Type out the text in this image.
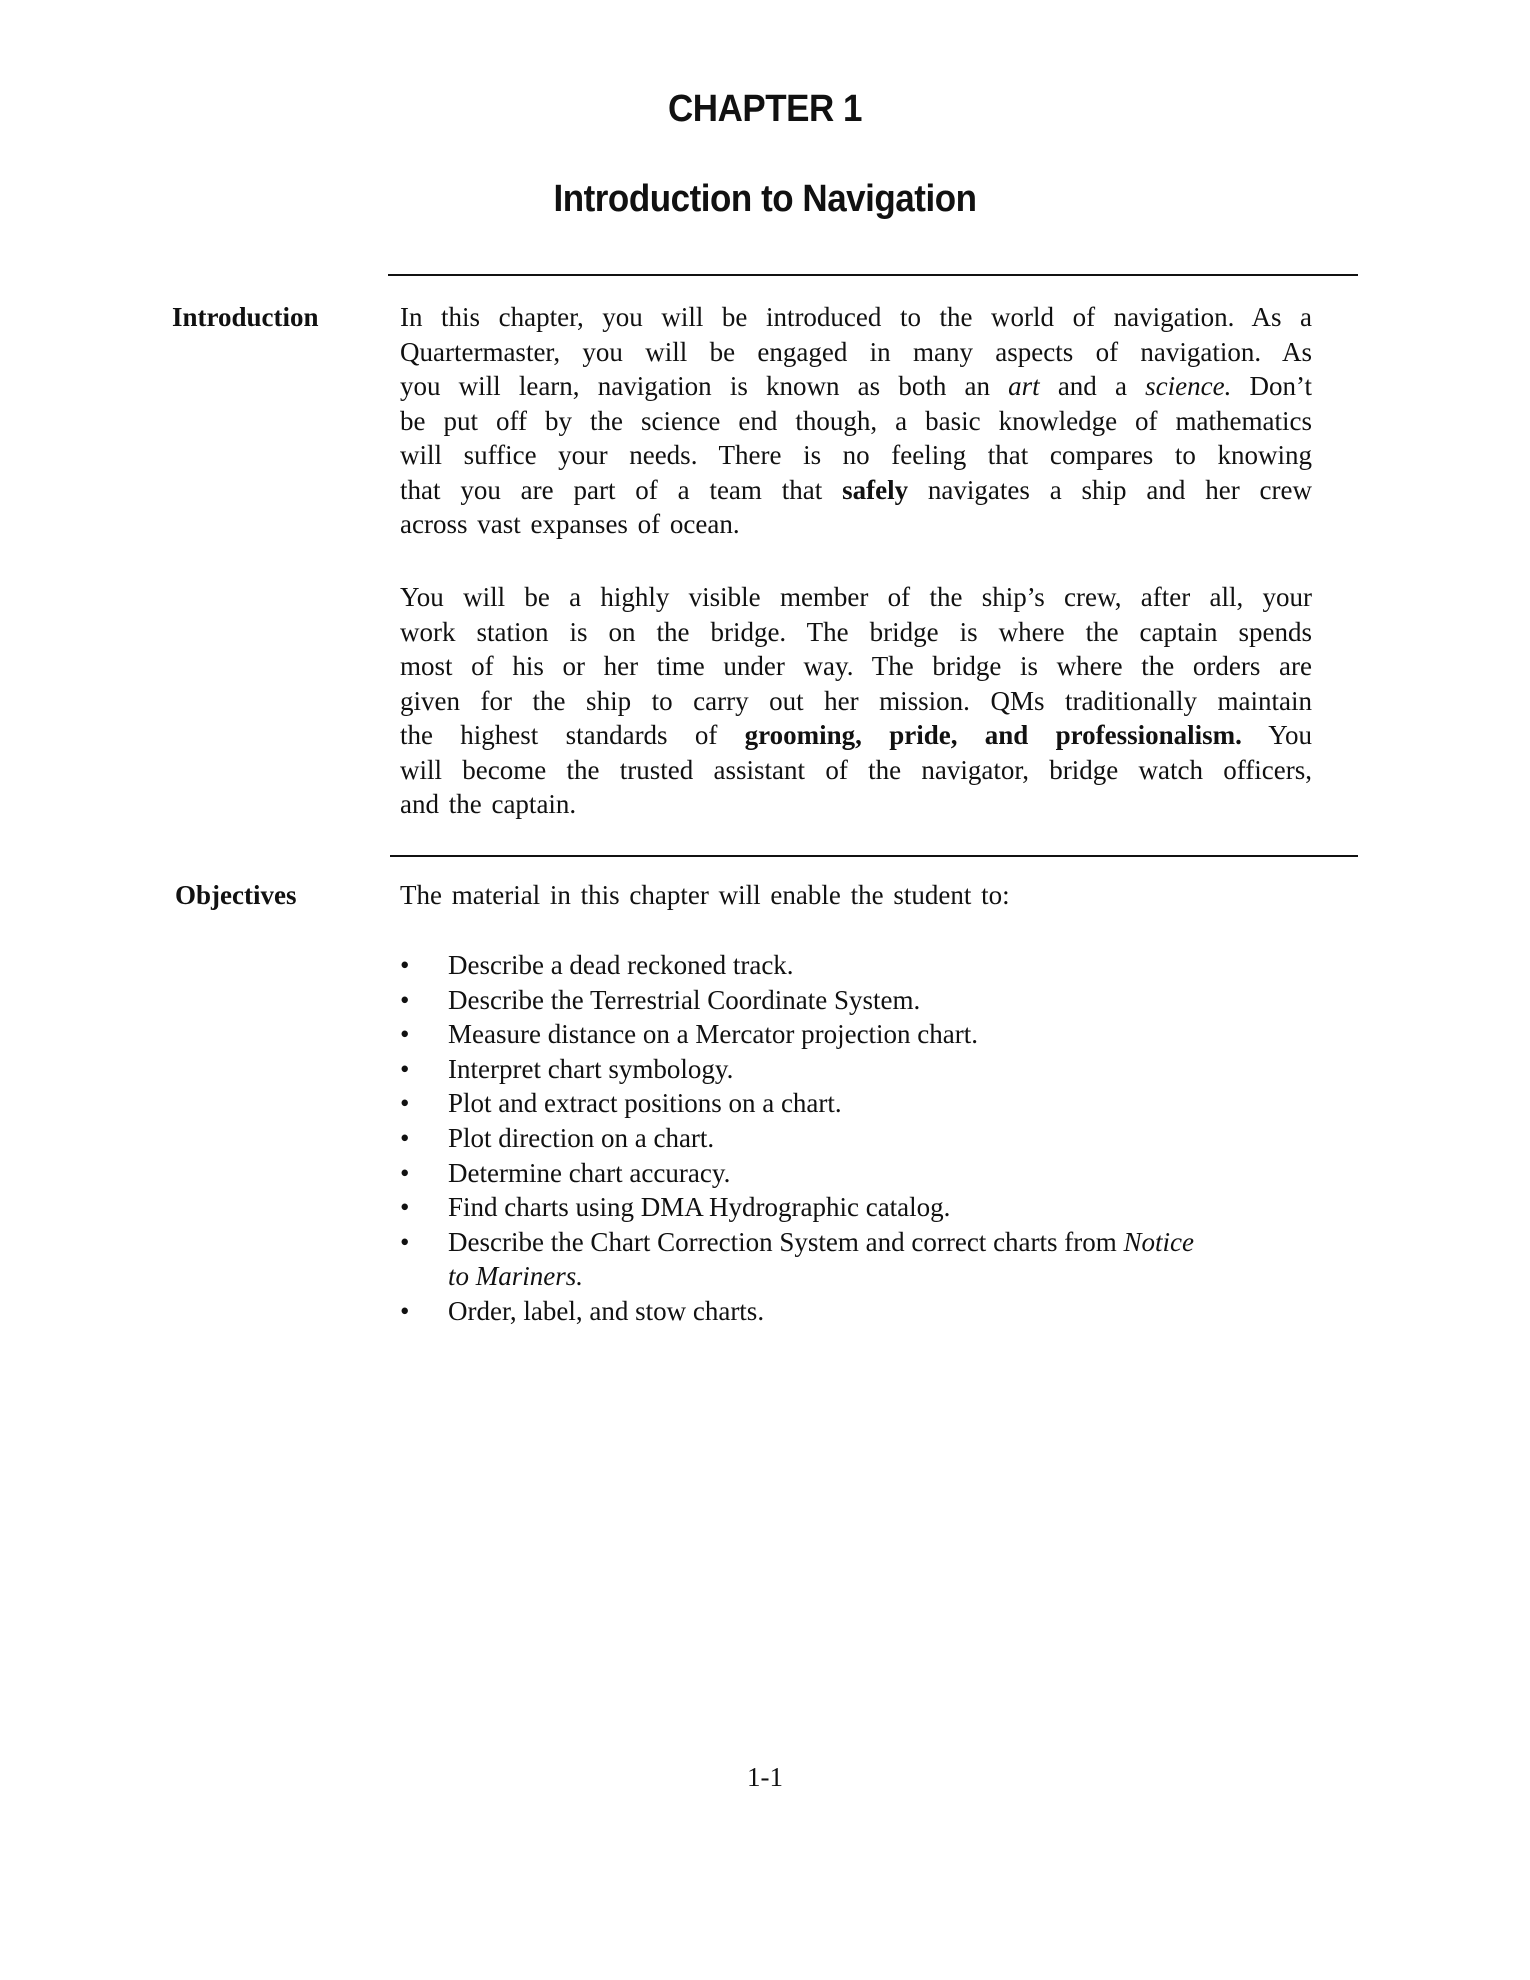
CHAPTER 1
Introduction to Navigation
Introduction	In this chapter, you will be introduced to the world of navigation. As a
Quartermaster, you will be engaged in many aspects of navigation. As
you will learn, navigation is known as both an art and a science. Don’t
be put off by the science end though, a basic knowledge of mathematics
will suffice your needs. There is no feeling that compares to knowing
that you are part of a team that safely navigates a ship and her crew
across vast expanses of ocean.
You will be a highly visible member of the ship’s crew, after all, your
work station is on the bridge. The bridge is where the captain spends
most of his or her time under way. The bridge is where the orders are
given for the ship to carry out her mission. QMs traditionally maintain
the highest standards of grooming, pride, and professionalism. You
will become the trusted assistant of the navigator, bridge watch officers,
and the captain.
Objectives	The material in this chapter will enable the student to:
• Describe a dead reckoned track.
• Describe the Terrestrial Coordinate System.
• Measure distance on a Mercator projection chart.
• Interpret chart symbology.
• Plot and extract positions on a chart.
• Plot direction on a chart.
• Determine chart accuracy.
• Find charts using DMA Hydrographic catalog.
• Describe the Chart Correction System and correct charts from Notice
to Mariners.
• Order, label, and stow charts.
1-1
